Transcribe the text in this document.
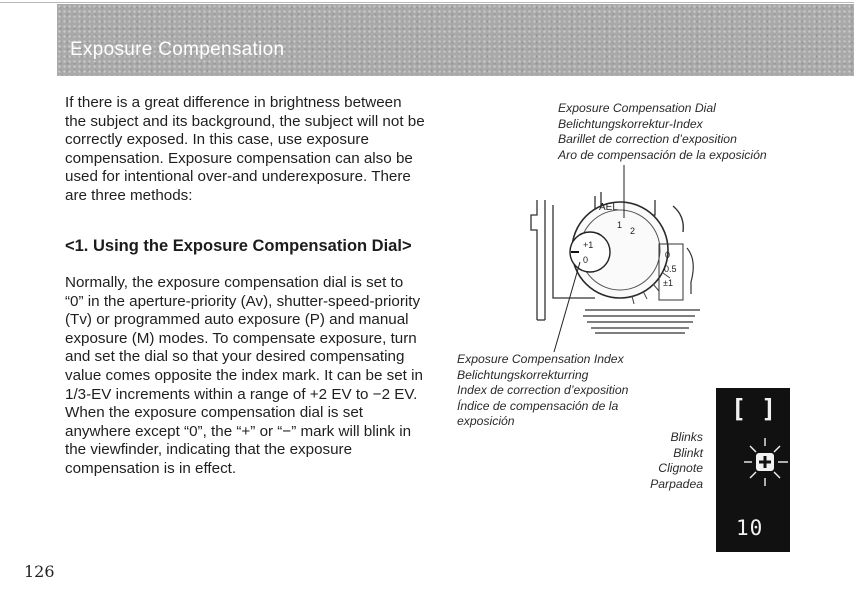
Exposure Compensation

If there is a great difference in brightness between the subject and its background, the subject will not be correctly exposed. In this case, use exposure compensation. Exposure compensation can also be used for intentional over-and underexposure. There are three methods:

<1. Using the Exposure Compensation Dial>

Normally, the exposure compensation dial is set to “0” in the aperture-priority (Av), shutter-speed-priority (Tv) or programmed auto exposure (P) and manual exposure (M) modes. To compensate exposure, turn and set the dial so that your desired compensating value comes opposite the index mark. It can be set in 1/3-EV increments within a range of +2 EV to −2 EV. When the exposure compensation dial is set anywhere except “0”, the “+” or “−” mark will blink in the viewfinder, indicating that the exposure compensation is in effect.

Exposure Compensation Dial
Belichtungskorrektur-Index
Barillet de correction d’exposition
Aro de compensación de la exposición
1
2
+1
0
AEL
0
0.5
±1
Exposure Compensation Index
Belichtungskorrekturring
Index de correction d’exposition
Índice de compensación de la
exposición
Blinks
Blinkt
Clignote
Parpadea
[ ]
10
126
